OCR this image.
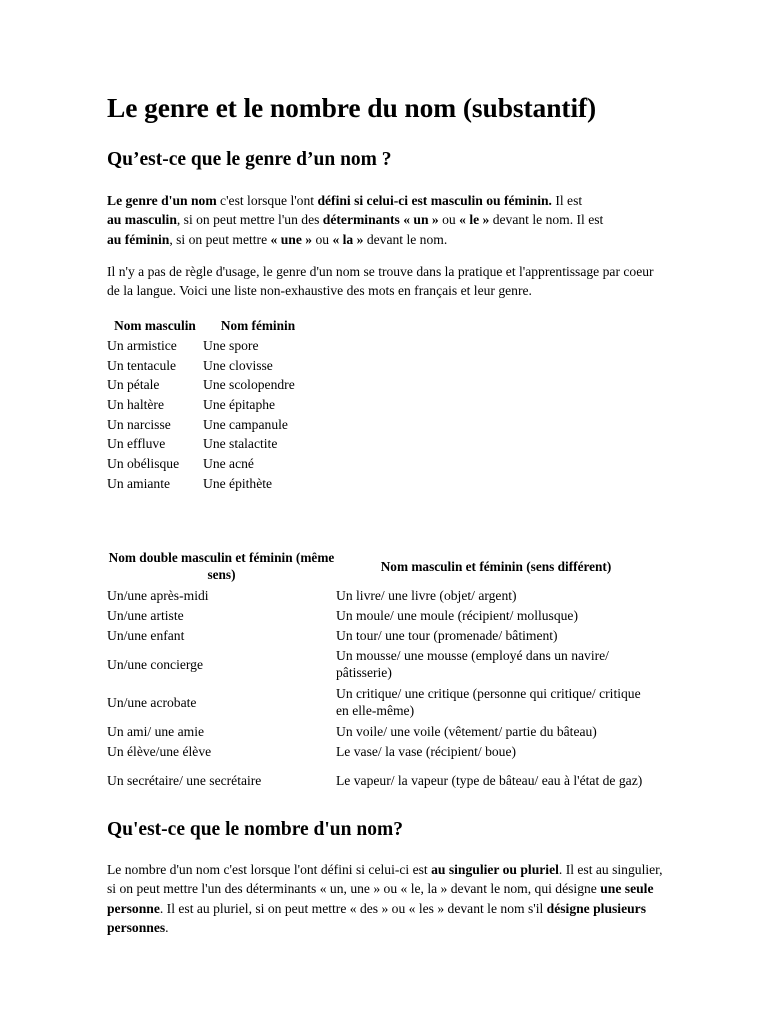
Le genre et le nombre du nom (substantif)
Qu’est-ce que le genre d’un nom ?

Le genre d'un nom c'est lorsque l'ont défini si celui-ci est masculin ou féminin. Il est
au masculin, si on peut mettre l'un des déterminants « un » ou « le » devant le nom. Il est
au féminin, si on peut mettre « une » ou « la » devant le nom.

Il n'y a pas de règle d'usage, le genre d'un nom se trouve dans la pratique et l'apprentissage par coeur de la langue. Voici une liste non-exhaustive des mots en français et leur genre.

Nom masculin	Nom féminin
Un armistice	Une spore
Un tentacule	Une clovisse
Un pétale	Une scolopendre
Un haltère	Une épitaphe
Un narcisse	Une campanule
Un effluve	Une stalactite
Un obélisque	Une acné
Un amiante	Une épithète
Nom double masculin et féminin (même sens)	Nom masculin et féminin (sens différent)
Un/une après-midi	Un livre/ une livre (objet/ argent)
Un/une artiste	Un moule/ une moule (récipient/ mollusque)
Un/une enfant	Un tour/ une tour (promenade/ bâtiment)
Un/une concierge	Un mousse/ une mousse (employé dans un navire/ pâtisserie)
Un/une acrobate	Un critique/ une critique (personne qui critique/ critique en elle-même)
Un ami/ une amie	Un voile/ une voile (vêtement/ partie du bâteau)
Un élève/une élève	Le vase/ la vase (récipient/ boue)
Un secrétaire/ une secrétaire	Le vapeur/ la vapeur (type de bâteau/ eau à l'état de gaz)
Qu'est-ce que le nombre d'un nom?

Le nombre d'un nom c'est lorsque l'ont défini si celui-ci est au singulier ou pluriel. Il est au singulier, si on peut mettre l'un des déterminants « un, une » ou « le, la » devant le nom, qui désigne une seule personne. Il est au pluriel, si on peut mettre « des » ou « les » devant le nom s'il désigne plusieurs personnes.
